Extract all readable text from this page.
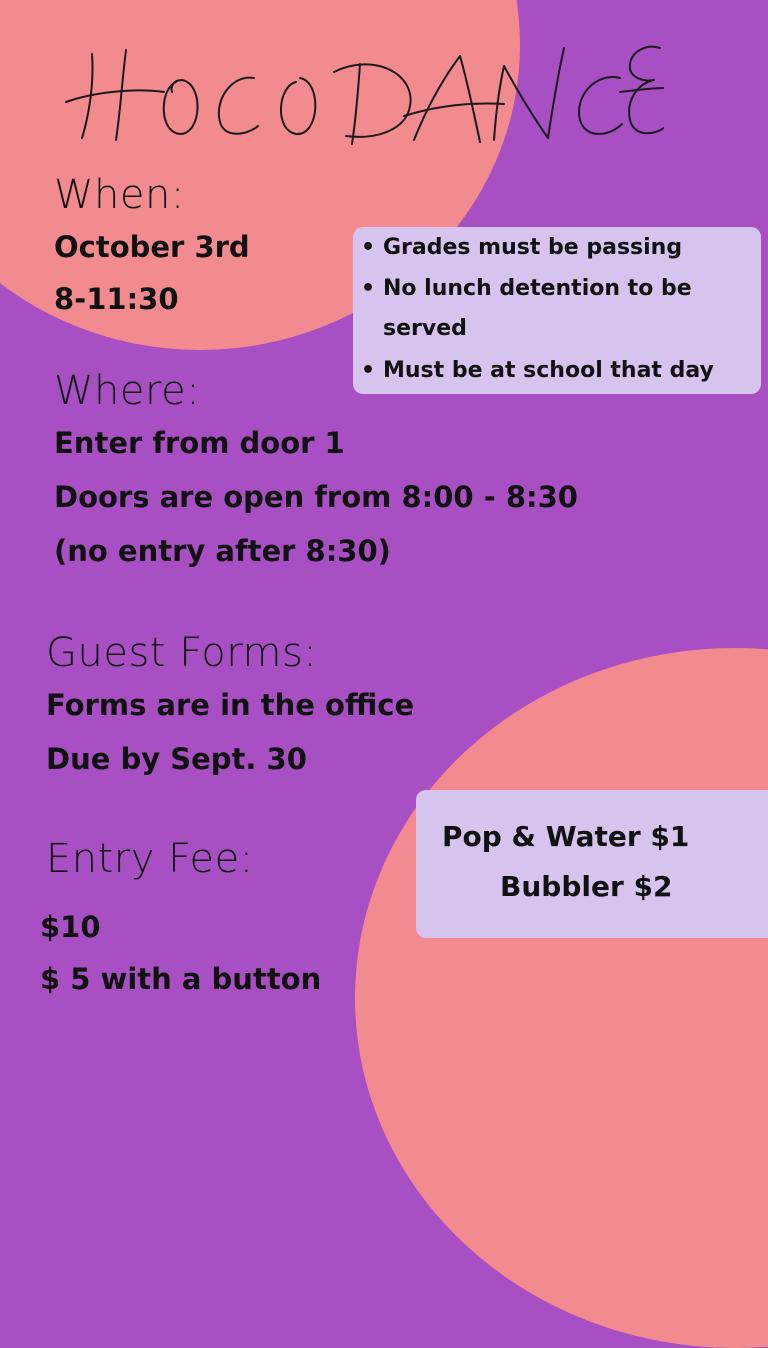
When:

October 3rd

8-11:30

• Grades must be passing
• No lunch detention to be
served
• Must be at school that day
Where:

Enter from door 1

Doors are open from 8:00 - 8:30

(no entry after 8:30)

Guest Forms:

Forms are in the office

Due by Sept. 30

Entry Fee:

$10

$ 5 with a button

Pop & Water $1

Bubbler $2
